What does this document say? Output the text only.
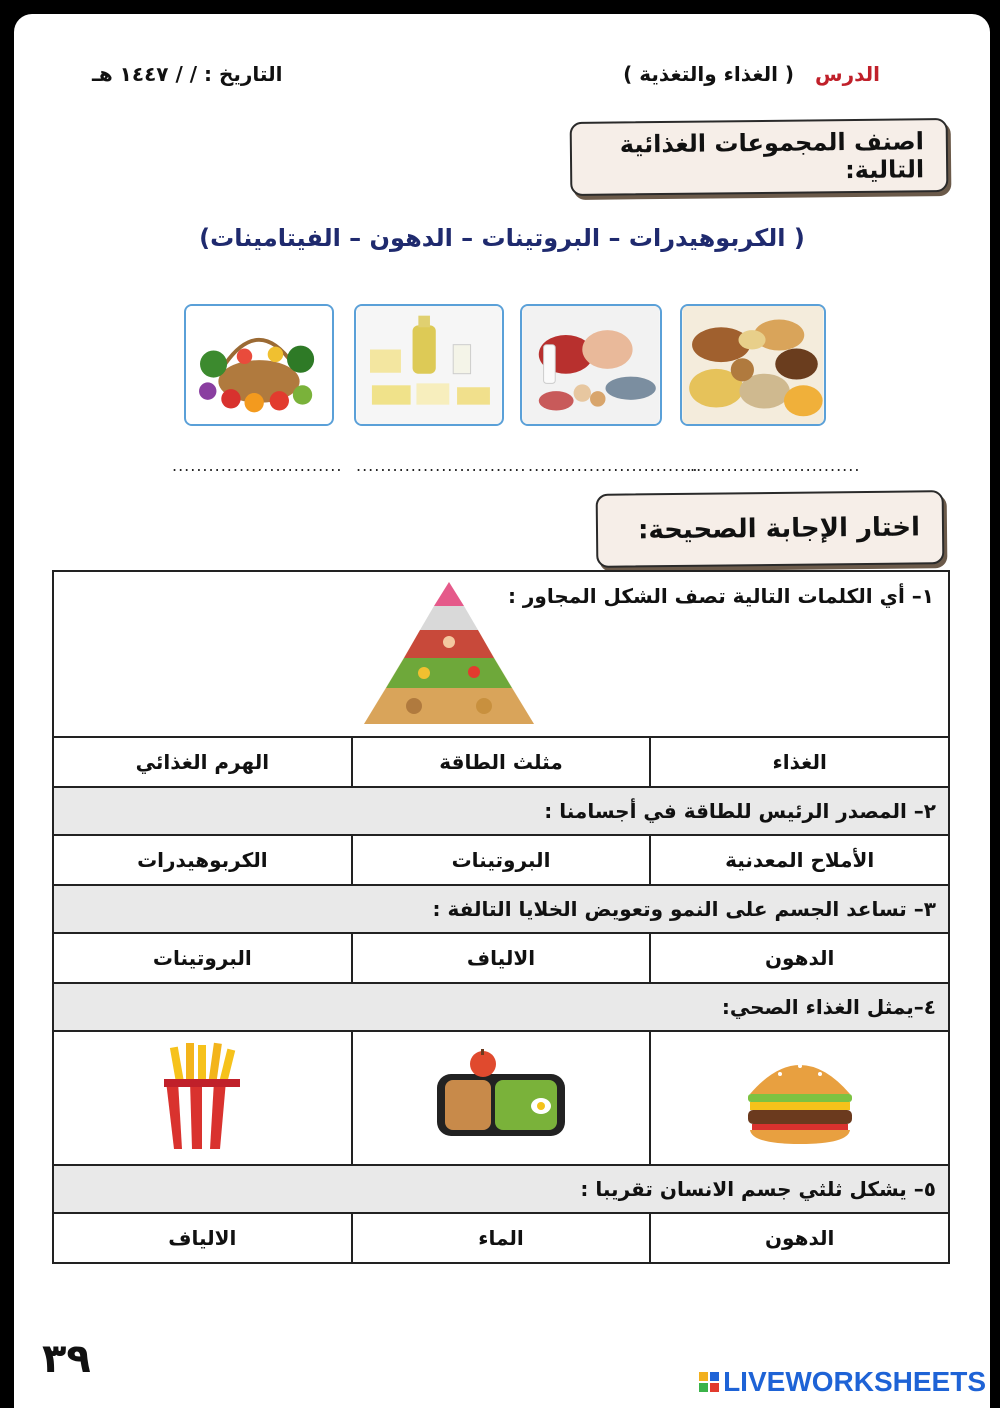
الدرس   ( الغذاء والتغذية )
التاريخ : / / ١٤٤٧ هـ
اصنف المجموعات الغذائية التالية:
( الكربوهيدرات – البروتينات – الدهون – الفيتامينات)
............................
............................
............................
............................
اختار الإجابة الصحيحة:
١– أي الكلمات التالية تصف الشكل المجاور :		

الغذاء	مثلث الطاقة	الهرم الغذائي
٢– المصدر الرئيس للطاقة في أجسامنا :		
الأملاح المعدنية	البروتينات	الكربوهيدرات
٣– تساعد الجسم على النمو وتعويض الخلايا التالفة :		
الدهون	الالياف	البروتينات
٤–يمثل الغذاء الصحي:		

٥– يشكل ثلثي جسم الانسان تقريبا :		
الدهون	الماء	الالياف
٣٩	LIVEWORKSHEETS
